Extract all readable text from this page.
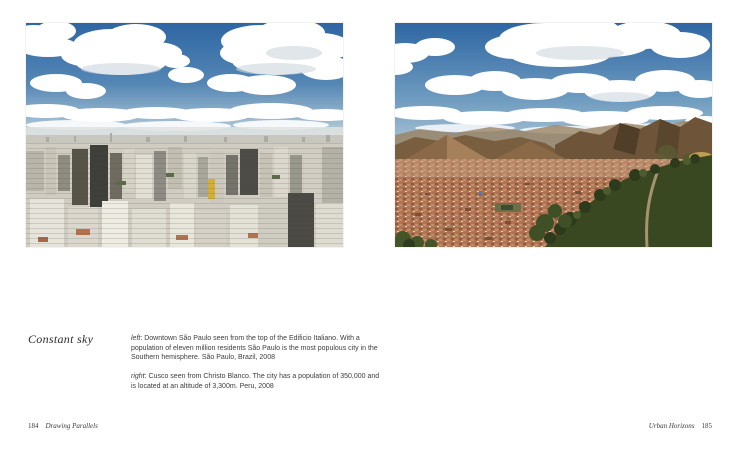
Constant sky	left: Downtown São Paulo seen from the top of the Edificio Italiano. With a population of eleven million residents São Paulo is the most populous city in the Southern hemisphere. São Paulo, Brazil, 2008

right: Cusco seen from Christo Blanco. The city has a population of 350,000 and is located at an altitude of 3,300m. Peru, 2008

184 Drawing Parallels	Urban Horizons 185
